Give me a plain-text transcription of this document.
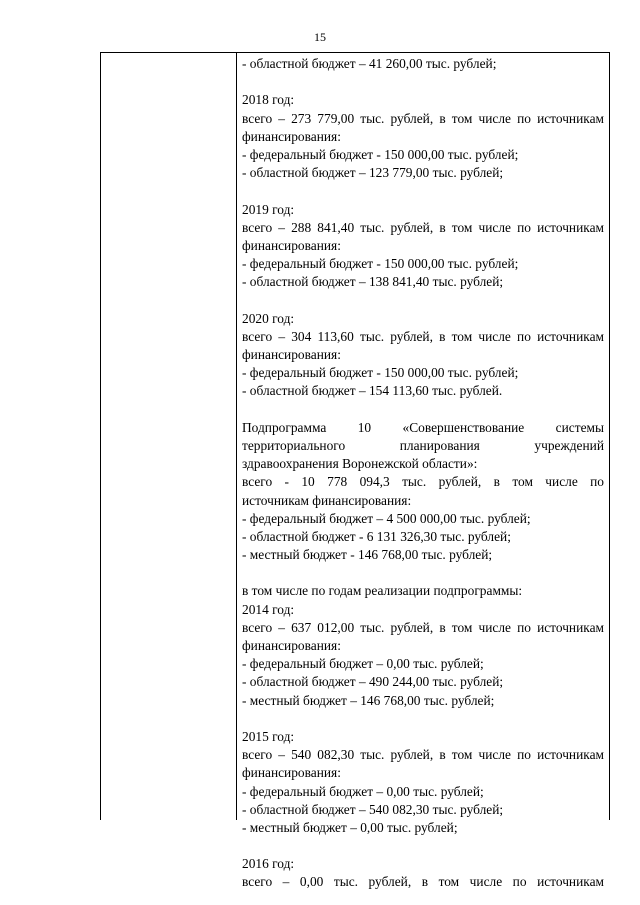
15
- областной бюджет – 41 260,00 тыс. рублей;
2018 год:
всего – 273 779,00 тыс. рублей, в том числе по источникам
финансирования:
- федеральный бюджет - 150 000,00 тыс. рублей;
- областной бюджет – 123 779,00 тыс. рублей;
2019 год:
всего – 288 841,40 тыс. рублей, в том числе по источникам
финансирования:
- федеральный бюджет - 150 000,00 тыс. рублей;
- областной бюджет – 138 841,40 тыс. рублей;
2020 год:
всего – 304 113,60 тыс. рублей, в том числе по источникам
финансирования:
- федеральный бюджет - 150 000,00 тыс. рублей;
- областной бюджет – 154 113,60 тыс. рублей.
Подпрограмма 10 «Совершенствование системы
территориального планирования учреждений
здравоохранения Воронежской области»:
всего - 10 778 094,3 тыс. рублей, в том числе по
источникам финансирования:
- федеральный бюджет – 4 500 000,00 тыс. рублей;
- областной бюджет - 6 131 326,30 тыс. рублей;
- местный бюджет - 146 768,00 тыс. рублей;
в том числе по годам реализации подпрограммы:
2014 год:
всего – 637 012,00 тыс. рублей, в том числе по источникам
финансирования:
- федеральный бюджет – 0,00 тыс. рублей;
- областной бюджет – 490 244,00 тыс. рублей;
- местный бюджет – 146 768,00 тыс. рублей;
2015 год:
всего – 540 082,30 тыс. рублей, в том числе по источникам
финансирования:
- федеральный бюджет – 0,00 тыс. рублей;
- областной бюджет – 540 082,30 тыс. рублей;
- местный бюджет – 0,00 тыс. рублей;
2016 год:
всего – 0,00 тыс. рублей, в том числе по источникам
